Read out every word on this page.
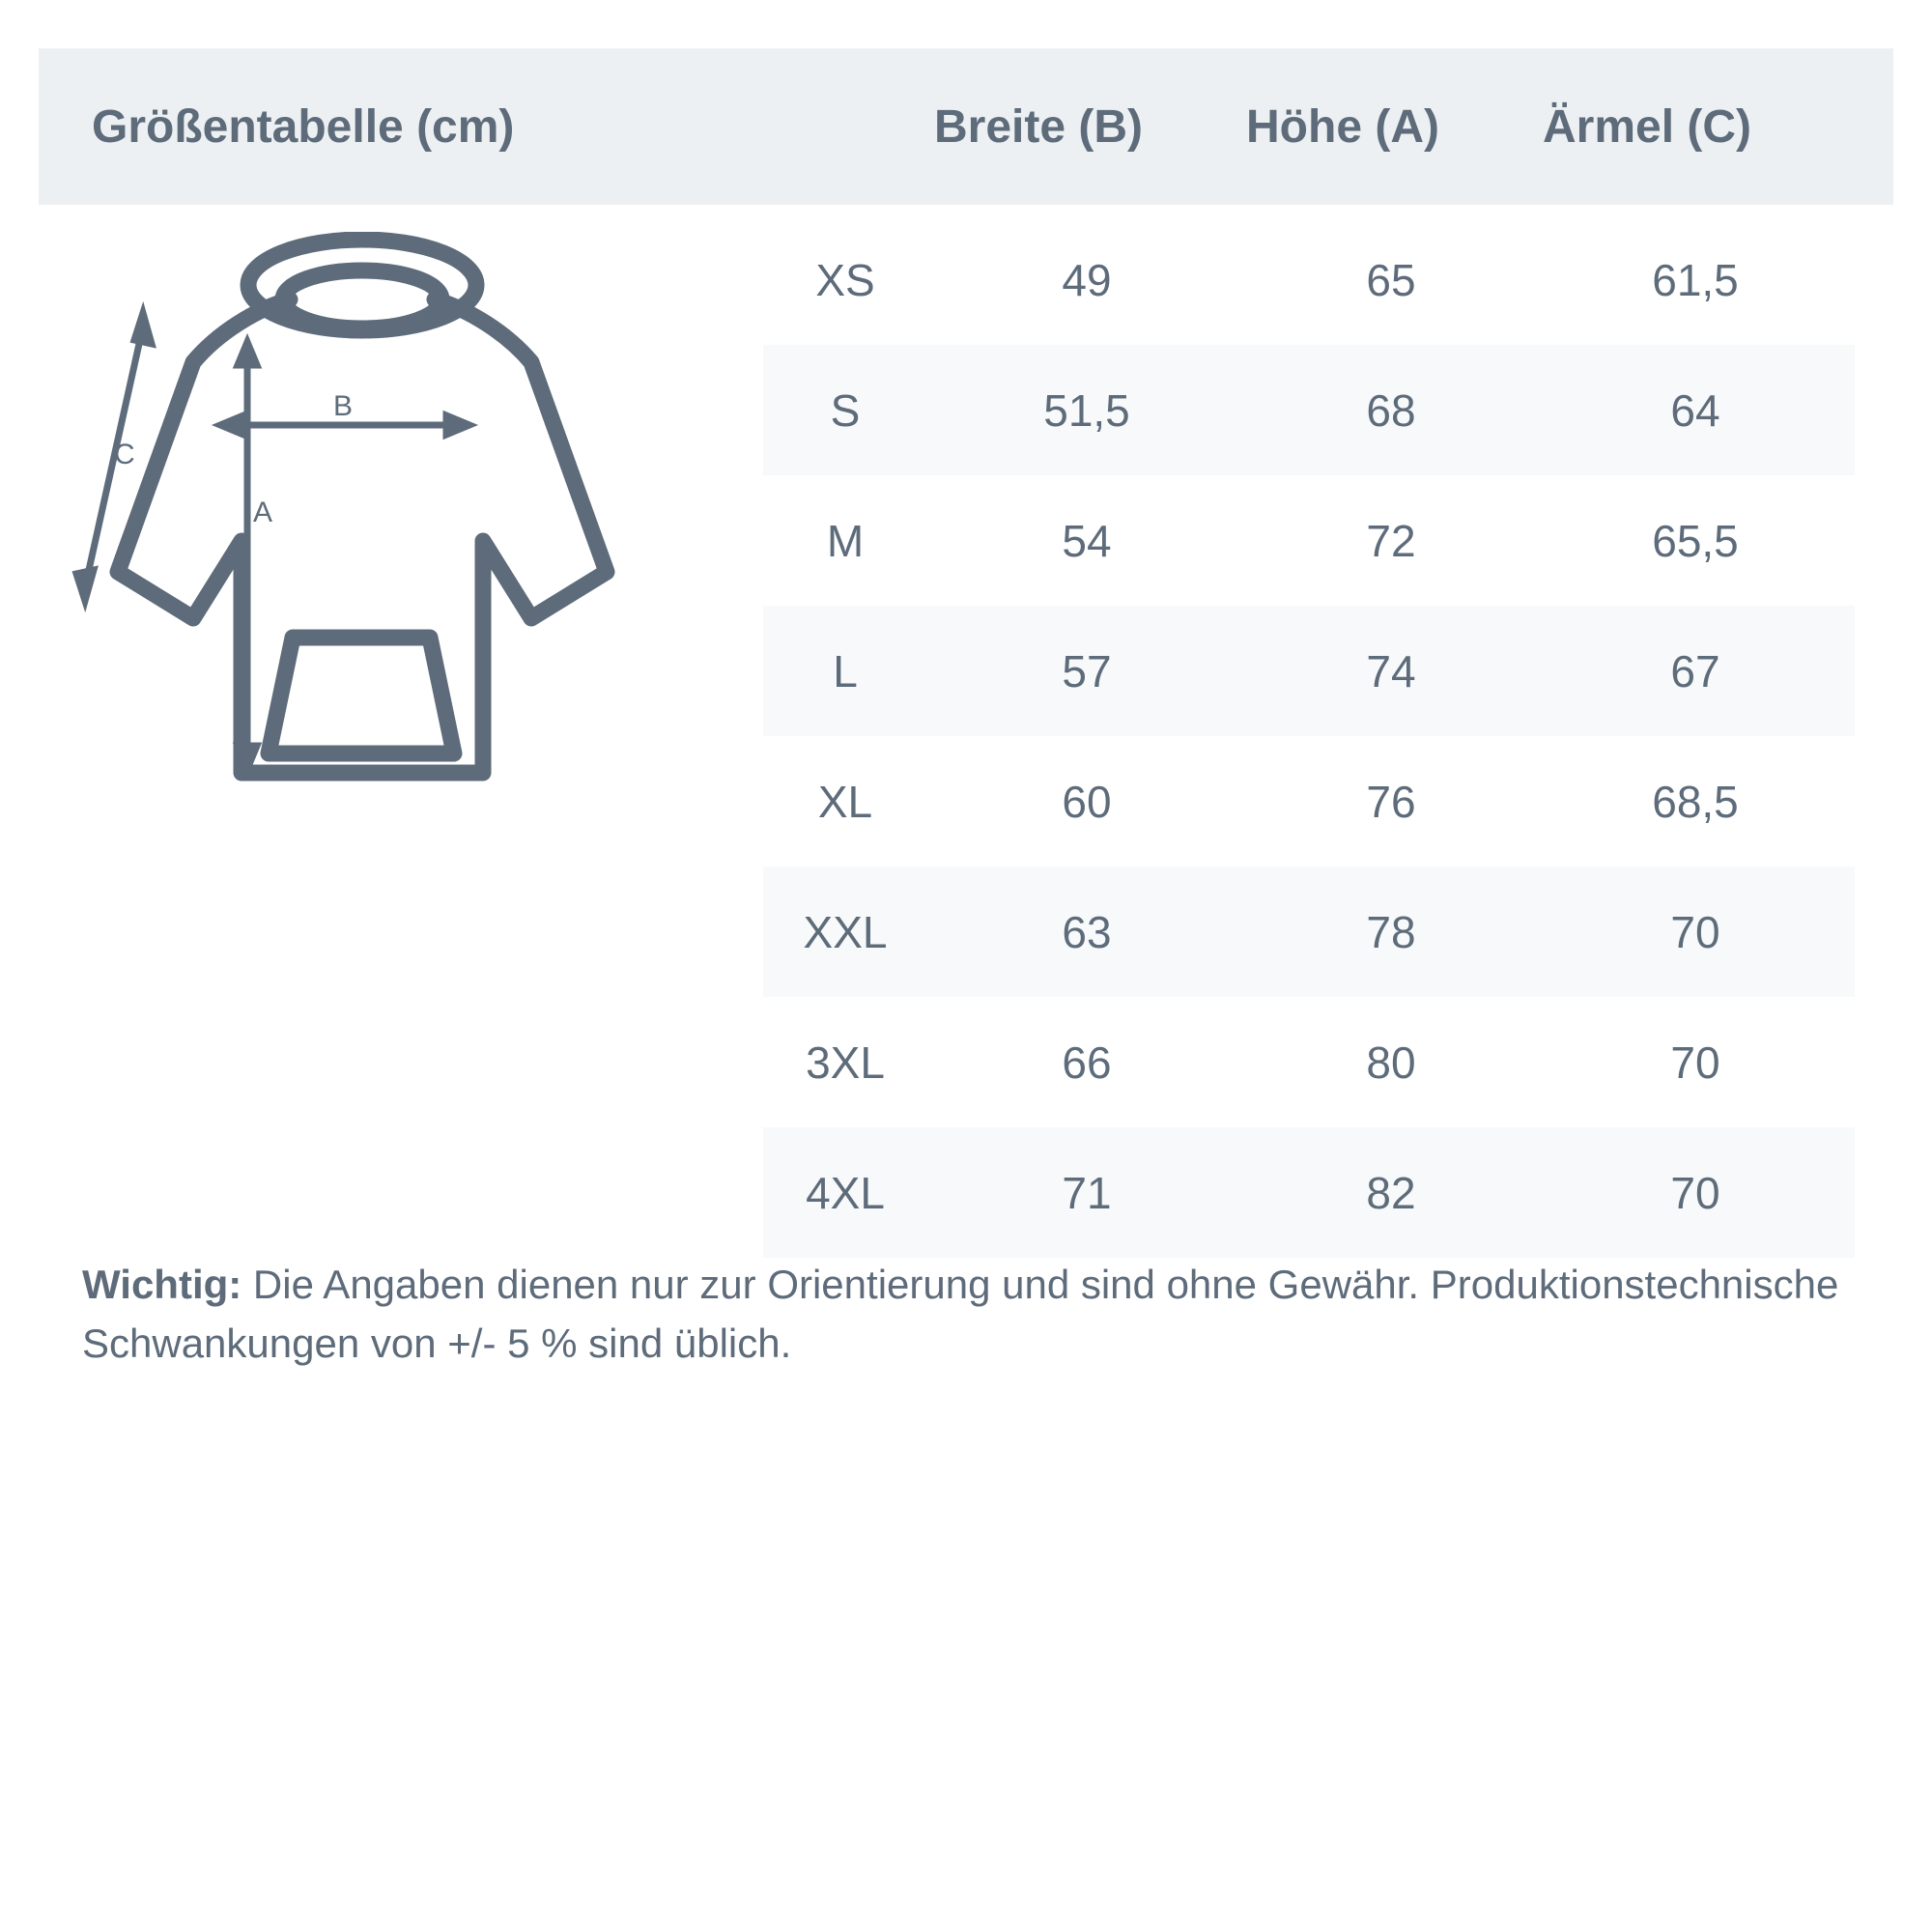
Größentabelle (cm)	Breite (B)	Höhe (A)	Ärmel (C)
C
B
A
XS	49	65	61,5
S	51,5	68	64
M	54	72	65,5
L	57	74	67
XL	60	76	68,5
XXL	63	78	70
3XL	66	80	70
4XL	71	82	70
Wichtig: Die Angaben dienen nur zur Orientierung und sind ohne Gewähr. Produktionstechnische Schwankungen von +/- 5 % sind üblich.
